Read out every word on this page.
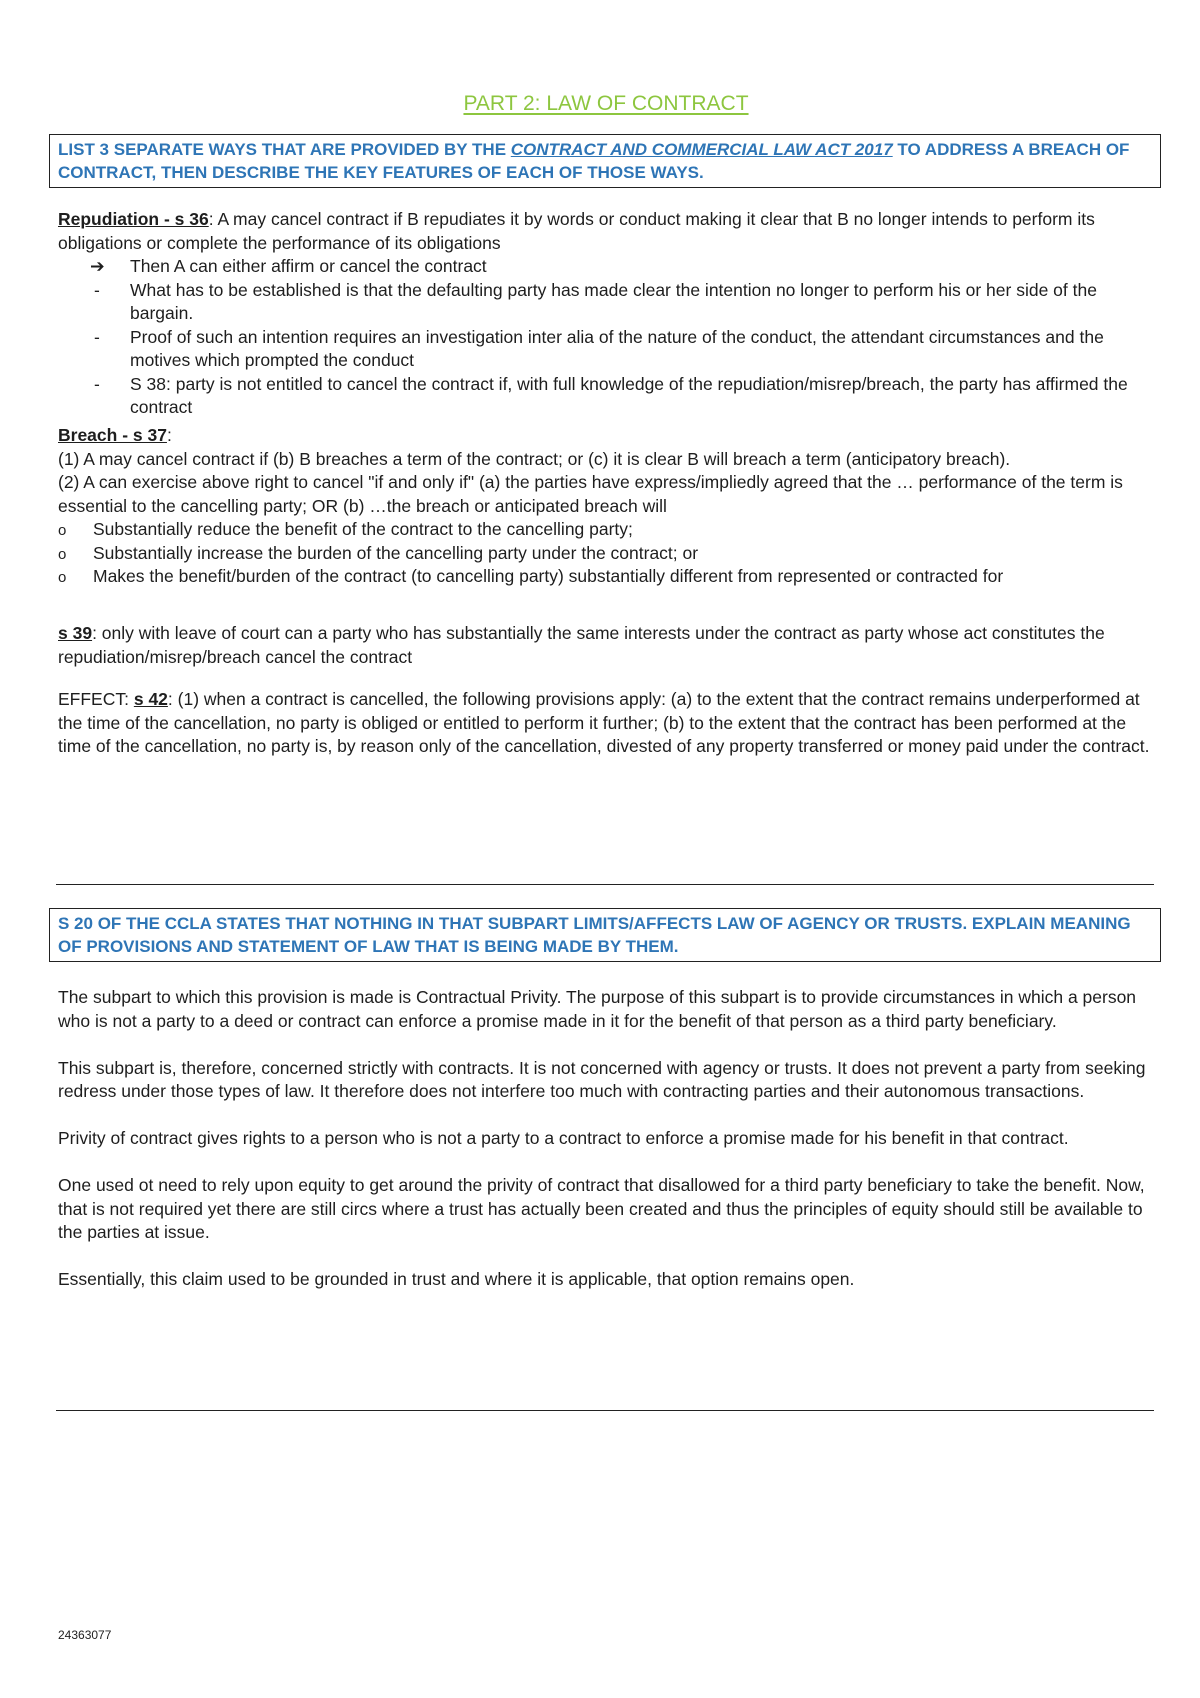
PART 2: LAW OF CONTRACT
LIST 3 SEPARATE WAYS THAT ARE PROVIDED BY THE CONTRACT AND COMMERCIAL LAW ACT 2017 TO ADDRESS A BREACH OF CONTRACT, THEN DESCRIBE THE KEY FEATURES OF EACH OF THOSE WAYS.

Repudiation - s 36: A may cancel contract if B repudiates it by words or conduct making it clear that B no longer intends to perform its obligations or complete the performance of its obligations

➔ Then A can either affirm or cancel the contract
- What has to be established is that the defaulting party has made clear the intention no longer to perform his or her side of the bargain.
- Proof of such an intention requires an investigation inter alia of the nature of the conduct, the attendant circumstances and the motives which prompted the conduct
- S 38: party is not entitled to cancel the contract if, with full knowledge of the repudiation/misrep/breach, the party has affirmed the contract

Breach - s 37:

(1) A may cancel contract if (b) B breaches a term of the contract; or (c) it is clear B will breach a term (anticipatory breach).

(2) A can exercise above right to cancel "if and only if" (a) the parties have express/impliedly agreed that the … performance of the term is essential to the cancelling party; OR (b) …the breach or anticipated breach will

o Substantially reduce the benefit of the contract to the cancelling party;
o Substantially increase the burden of the cancelling party under the contract; or
o Makes the benefit/burden of the contract (to cancelling party) substantially different from represented or contracted for

s 39: only with leave of court can a party who has substantially the same interests under the contract as party whose act constitutes the repudiation/misrep/breach cancel the contract

EFFECT: s 42: (1) when a contract is cancelled, the following provisions apply: (a) to the extent that the contract remains underperformed at the time of the cancellation, no party is obliged or entitled to perform it further; (b) to the extent that the contract has been performed at the time of the cancellation, no party is, by reason only of the cancellation, divested of any property transferred or money paid under the contract.

S 20 OF THE CCLA STATES THAT NOTHING IN THAT SUBPART LIMITS/AFFECTS LAW OF AGENCY OR TRUSTS. EXPLAIN MEANING OF PROVISIONS AND STATEMENT OF LAW THAT IS BEING MADE BY THEM.

The subpart to which this provision is made is Contractual Privity. The purpose of this subpart is to provide circumstances in which a person who is not a party to a deed or contract can enforce a promise made in it for the benefit of that person as a third party beneficiary.

This subpart is, therefore, concerned strictly with contracts. It is not concerned with agency or trusts. It does not prevent a party from seeking redress under those types of law. It therefore does not interfere too much with contracting parties and their autonomous transactions.

Privity of contract gives rights to a person who is not a party to a contract to enforce a promise made for his benefit in that contract.

One used ot need to rely upon equity to get around the privity of contract that disallowed for a third party beneficiary to take the benefit. Now, that is not required yet there are still circs where a trust has actually been created and thus the principles of equity should still be available to the parties at issue.

Essentially, this claim used to be grounded in trust and where it is applicable, that option remains open.

24363077
